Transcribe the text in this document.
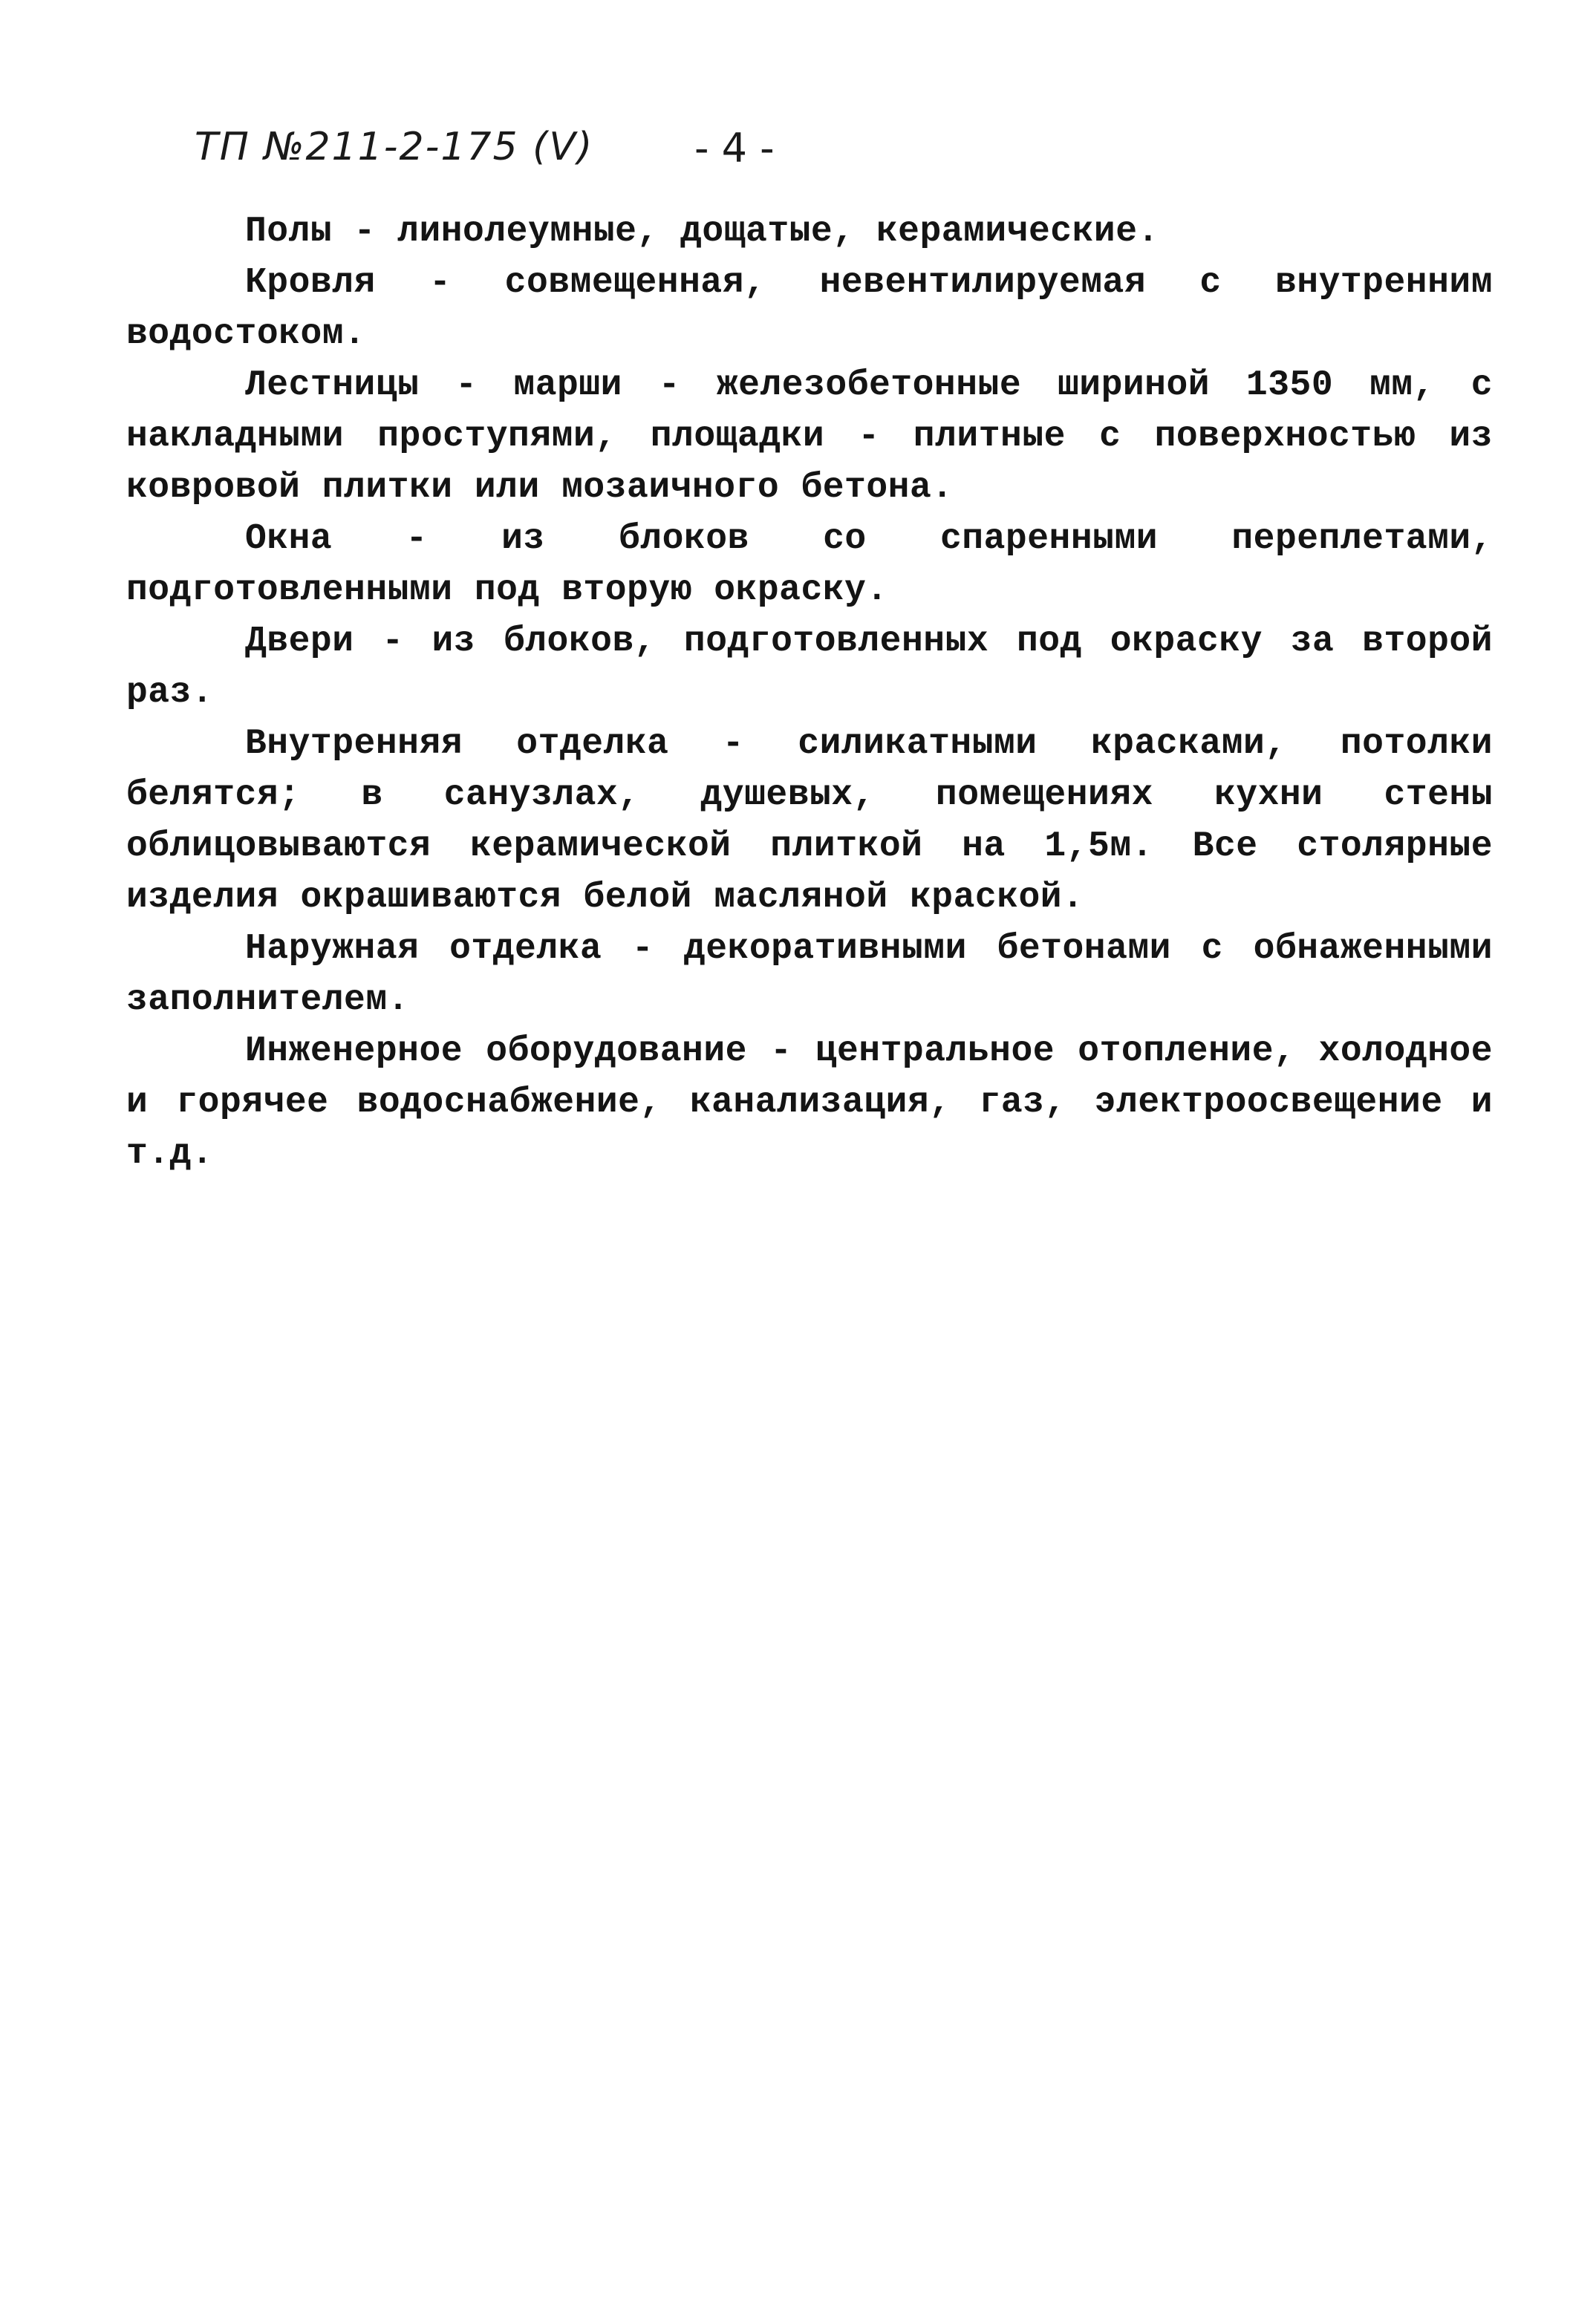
ТП №211-2-175 (V)	- 4 -

Полы - линолеумные, дощатые, керамические.

Кровля - совмещенная, невентилируемая с внутренним водостоком.

Лестницы - марши - железобетонные шириной 1350 мм, с накладными проступями, площадки - плитные с поверхностью из ковровой плитки или мозаичного бетона.

Окна - из блоков со спаренными переплетами, подготовленными под вторую окраску.

Двери - из блоков, подготовленных под окраску за второй раз.

Внутренняя отделка - силикатными красками, потолки белятся; в санузлах, душевых, помещениях кухни стены облицовываются керамической плиткой на 1,5м. Все столярные изделия окрашиваются белой масляной краской.

Наружная отделка - декоративными бетонами с обнаженными заполнителем.

Инженерное оборудование - центральное отопление, холодное и горячее водоснабжение, канализация, газ, электроосвещение и т.д.
